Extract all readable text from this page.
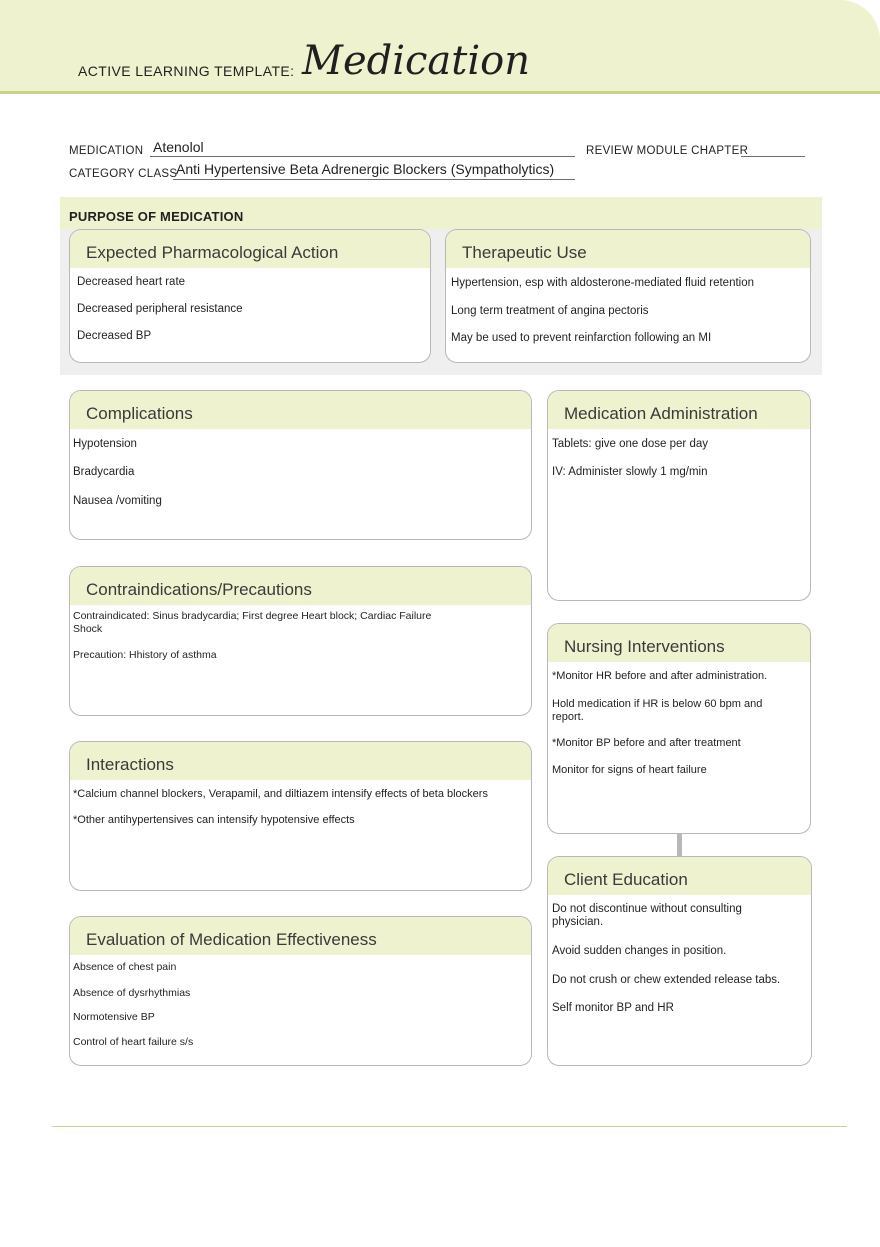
ACTIVE LEARNING TEMPLATE: Medication
MEDICATION Atenolol	REVIEW MODULE CHAPTER
CATEGORY CLASS
Anti Hypertensive Beta Adrenergic Blockers (Sympatholytics)
PURPOSE OF MEDICATION
Expected Pharmacological Action

Decreased heart rate

Decreased peripheral resistance

Decreased BP

Therapeutic Use

Hypertension, esp with aldosterone-mediated fluid retention

Long term treatment of angina pectoris

May be used to prevent reinfarction following an MI

Complications

Hypotension

Bradycardia

Nausea /vomiting

Medication Administration

Tablets: give one dose per day

IV: Administer slowly 1 mg/min

Contraindications/Precautions

Contraindicated: Sinus bradycardia; First degree Heart block; Cardiac Failure

Shock

Precaution: Hhistory of asthma	Nursing Interventions

*Monitor HR before and after administration.

Hold medication if HR is below 60 bpm and

report.

*Monitor BP before and after treatment

Monitor for signs of heart failure

Interactions

*Calcium channel blockers, Verapamil, and diltiazem intensify effects of beta blockers

*Other antihypertensives can intensify hypotensive effects

Client Education

Do not discontinue without consulting

physician.

Avoid sudden changes in position.

Do not crush or chew extended release tabs.

Self monitor BP and HR

Evaluation of Medication Effectiveness

Absence of chest pain

Absence of dysrhythmias

Normotensive BP

Control of heart failure s/s
